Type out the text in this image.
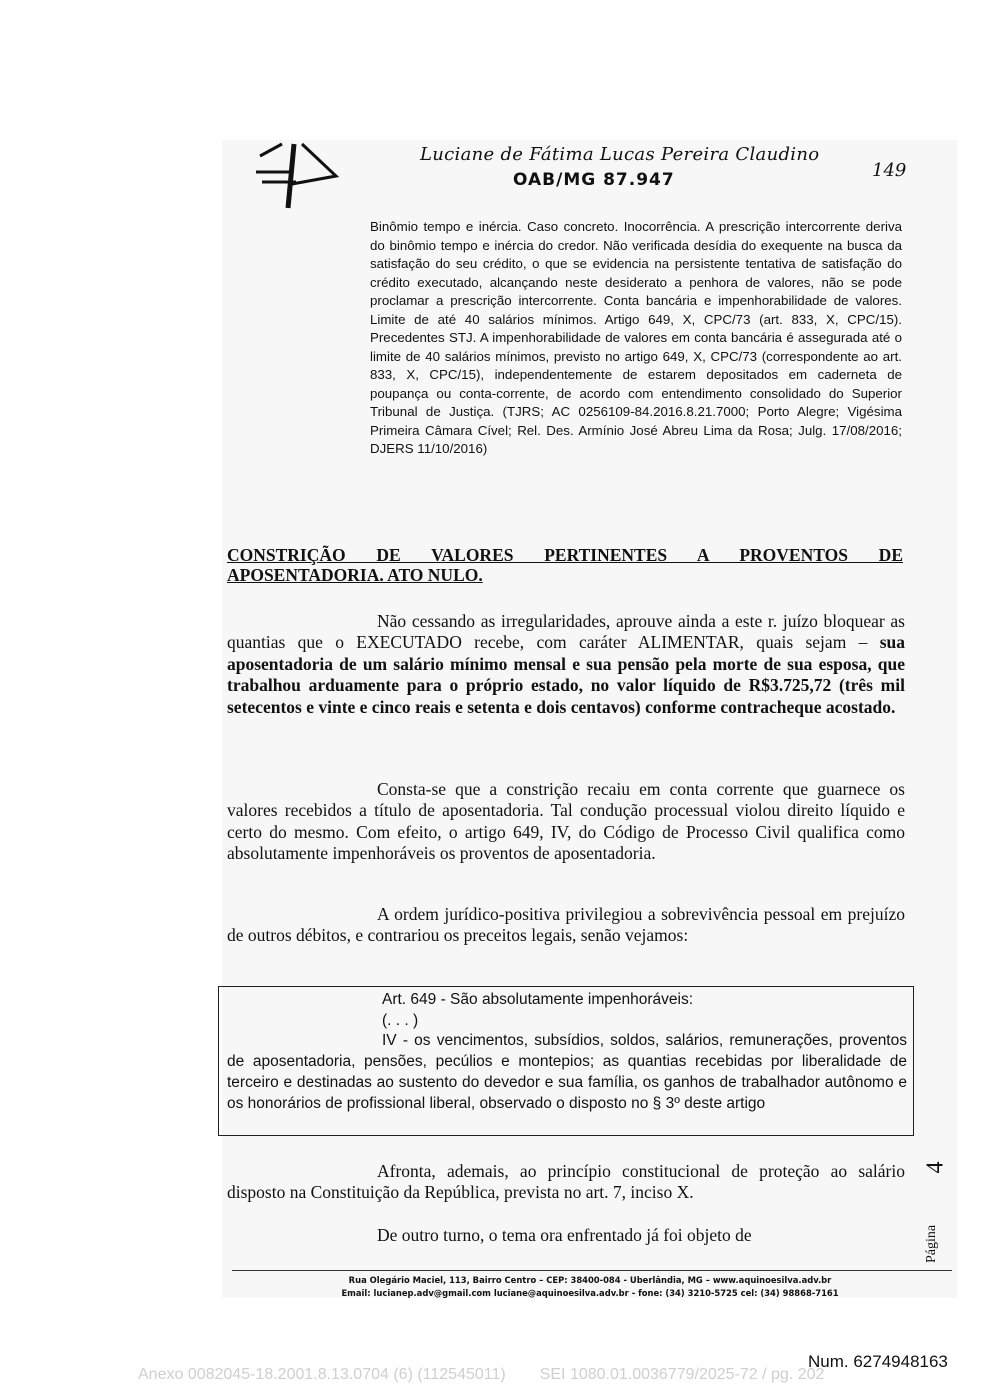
Luciane de Fátima Lucas Pereira Claudino
OAB/MG 87.947	149
Binômio tempo e inércia. Caso concreto. Inocorrência. A prescrição intercorrente deriva do binômio tempo e inércia do credor. Não verificada desídia do exequente na busca da satisfação do seu crédito, o que se evidencia na persistente tentativa de satisfação do crédito executado, alcançando neste desiderato a penhora de valores, não se pode proclamar a prescrição intercorrente. Conta bancária e impenhorabilidade de valores. Limite de até 40 salários mínimos. Artigo 649, X, CPC/73 (art. 833, X, CPC/15). Precedentes STJ. A impenhorabilidade de valores em conta bancária é assegurada até o limite de 40 salários mínimos, previsto no artigo 649, X, CPC/73 (correspondente ao art. 833, X, CPC/15), independentemente de estarem depositados em caderneta de poupança ou conta-corrente, de acordo com entendimento consolidado do Superior Tribunal de Justiça. (TJRS; AC 0256109-84.2016.8.21.7000; Porto Alegre; Vigésima Primeira Câmara Cível; Rel. Des. Armínio José Abreu Lima da Rosa; Julg. 17/08/2016; DJERS 11/10/2016)
CONSTRIÇÃO DE VALORES PERTINENTES A PROVENTOS DE APOSENTADORIA. ATO NULO.

Não cessando as irregularidades, aprouve ainda a este r. juízo bloquear as quantias que o EXECUTADO recebe, com caráter ALIMENTAR, quais sejam – sua aposentadoria de um salário mínimo mensal e sua pensão pela morte de sua esposa, que trabalhou arduamente para o próprio estado, no valor líquido de R$3.725,72 (três mil setecentos e vinte e cinco reais e setenta e dois centavos) conforme contracheque acostado.

Consta-se que a constrição recaiu em conta corrente que guarnece os valores recebidos a título de aposentadoria. Tal condução processual violou direito líquido e certo do mesmo. Com efeito, o artigo 649, IV, do Código de Processo Civil qualifica como absolutamente impenhoráveis os proventos de aposentadoria.

A ordem jurídico-positiva privilegiou a sobrevivência pessoal em prejuízo de outros débitos, e contrariou os preceitos legais, senão vejamos:

Art. 649 - São absolutamente impenhoráveis:

(. . . )

IV - os vencimentos, subsídios, soldos, salários, remunerações, proventos de aposentadoria, pensões, pecúlios e montepios; as quantias recebidas por liberalidade de terceiro e destinadas ao sustento do devedor e sua família, os ganhos de trabalhador autônomo e os honorários de profissional liberal, observado o disposto no § 3º deste artigo

Afronta, ademais, ao princípio constitucional de proteção ao salário disposto na Constituição da República, prevista no art. 7, inciso X.

De outro turno, o tema ora enfrentado já foi objeto de

4
Página
Rua Olegário Maciel, 113, Bairro Centro – CEP: 38400-084 - Uberlândia, MG – www.aquinoesilva.adv.br
Email: lucianep.adv@gmail.com luciane@aquinoesilva.adv.br - fone: (34) 3210-5725 cel: (34) 98868-7161
Num. 6274948163
Anexo 0082045-18.2001.8.13.0704 (6) (112545011) SEI 1080.01.0036779/2025-72 / pg. 202
